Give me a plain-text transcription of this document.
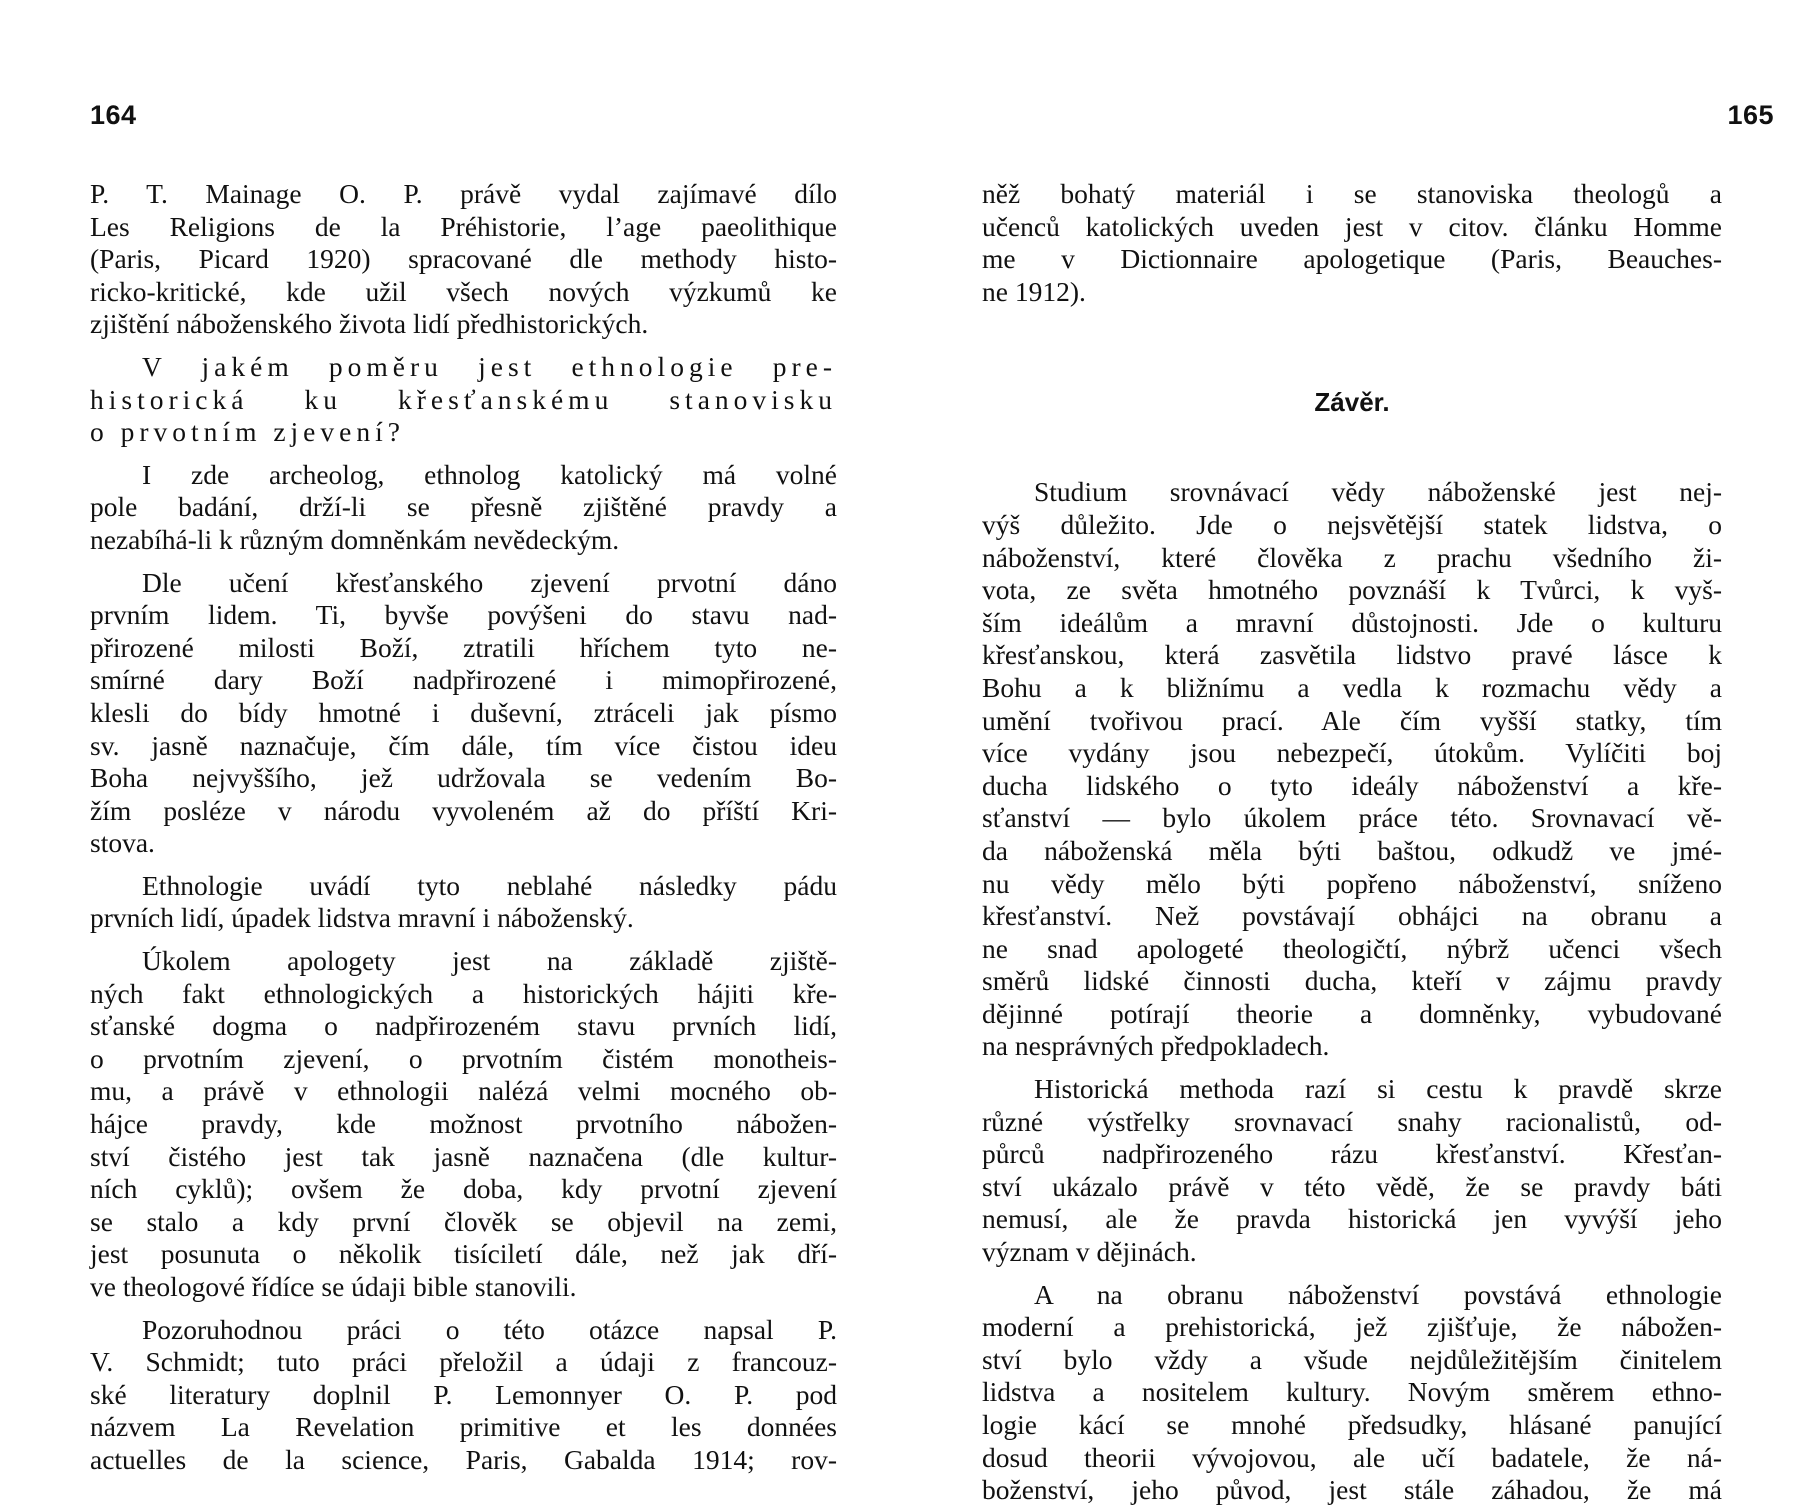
164
P. T. Mainage O. P. právě vydal zajímavé dílo
Les Religions de la Préhistorie, l’age paeolithique
(Paris, Picard 1920) spracované dle methody histo-
ricko-kritické, kde užil všech nových výzkumů ke
zjištění náboženského života lidí předhistorických.
V jakém poměru jest ethnologie pre-
historická ku křesťanskému stanovisku
o prvotním zjevení?
I zde archeolog, ethnolog katolický má volné
pole badání, drží-li se přesně zjištěné pravdy a
nezabíhá-li k různým domněnkám nevědeckým.
Dle učení křesťanského zjevení prvotní dáno
prvním lidem. Ti, byvše povýšeni do stavu nad-
přirozené milosti Boží, ztratili hříchem tyto ne-
smírné dary Boží nadpřirozené i mimopřirozené,
klesli do bídy hmotné i duševní, ztráceli jak písmo
sv. jasně naznačuje, čím dále, tím více čistou ideu
Boha nejvyššího, jež udržovala se vedením Bo-
žím posléze v národu vyvoleném až do příští Kri-
stova.
Ethnologie uvádí tyto neblahé následky pádu
prvních lidí, úpadek lidstva mravní i náboženský.
Úkolem apologety jest na základě zjiště-
ných fakt ethnologických a historických hájiti kře-
sťanské dogma o nadpřirozeném stavu prvních lidí,
o prvotním zjevení, o prvotním čistém monotheis-
mu, a právě v ethnologii nalézá velmi mocného ob-
hájce pravdy, kde možnost prvotního nábožen-
ství čistého jest tak jasně naznačena (dle kultur-
ních cyklů); ovšem že doba, kdy prvotní zjevení
se stalo a kdy první člověk se objevil na zemi,
jest posunuta o několik tisíciletí dále, než jak dří-
ve theologové řídíce se údaji bible stanovili.
Pozoruhodnou práci o této otázce napsal P.
V. Schmidt; tuto práci přeložil a údaji z francouz-
ské literatury doplnil P. Lemonnyer O. P. pod
názvem La Revelation primitive et les données
actuelles de la science, Paris, Gabalda 1914; rov-
165
něž bohatý materiál i se stanoviska theologů a
učenců katolických uveden jest v citov. článku Homme
me v Dictionnaire apologetique (Paris, Beauches-
ne 1912).
Závěr.
Studium srovnávací vědy náboženské jest nej-
výš důležito. Jde o nejsvětější statek lidstva, o
náboženství, které člověka z prachu všedního ži-
vota, ze světa hmotného povznáší k Tvůrci, k vyš-
ším ideálům a mravní důstojnosti. Jde o kulturu
křesťanskou, která zasvětila lidstvo pravé lásce k
Bohu a k bližnímu a vedla k rozmachu vědy a
umění tvořivou prací. Ale čím vyšší statky, tím
více vydány jsou nebezpečí, útokům. Vylíčiti boj
ducha lidského o tyto ideály náboženství a kře-
sťanství — bylo úkolem práce této. Srovnavací vě-
da náboženská měla býti baštou, odkudž ve jmé-
nu vědy mělo býti popřeno náboženství, sníženo
křesťanství. Než povstávají obhájci na obranu a
ne snad apologeté theologičtí, nýbrž učenci všech
směrů lidské činnosti ducha, kteří v zájmu pravdy
dějinné potírají theorie a domněnky, vybudované
na nesprávných předpokladech.
Historická methoda razí si cestu k pravdě skrze
různé výstřelky srovnavací snahy racionalistů, od-
půrců nadpřirozeného rázu křesťanství. Křesťan-
ství ukázalo právě v této vědě, že se pravdy báti
nemusí, ale že pravda historická jen vyvýší jeho
význam v dějinách.
A na obranu náboženství povstává ethnologie
moderní a prehistorická, jež zjišťuje, že nábožen-
ství bylo vždy a všude nejdůležitějším činitelem
lidstva a nositelem kultury. Novým směrem ethno-
logie kácí se mnohé předsudky, hlásané panující
dosud theorii vývojovou, ale učí badatele, že ná-
boženství, jeho původ, jest stále záhadou, že má
